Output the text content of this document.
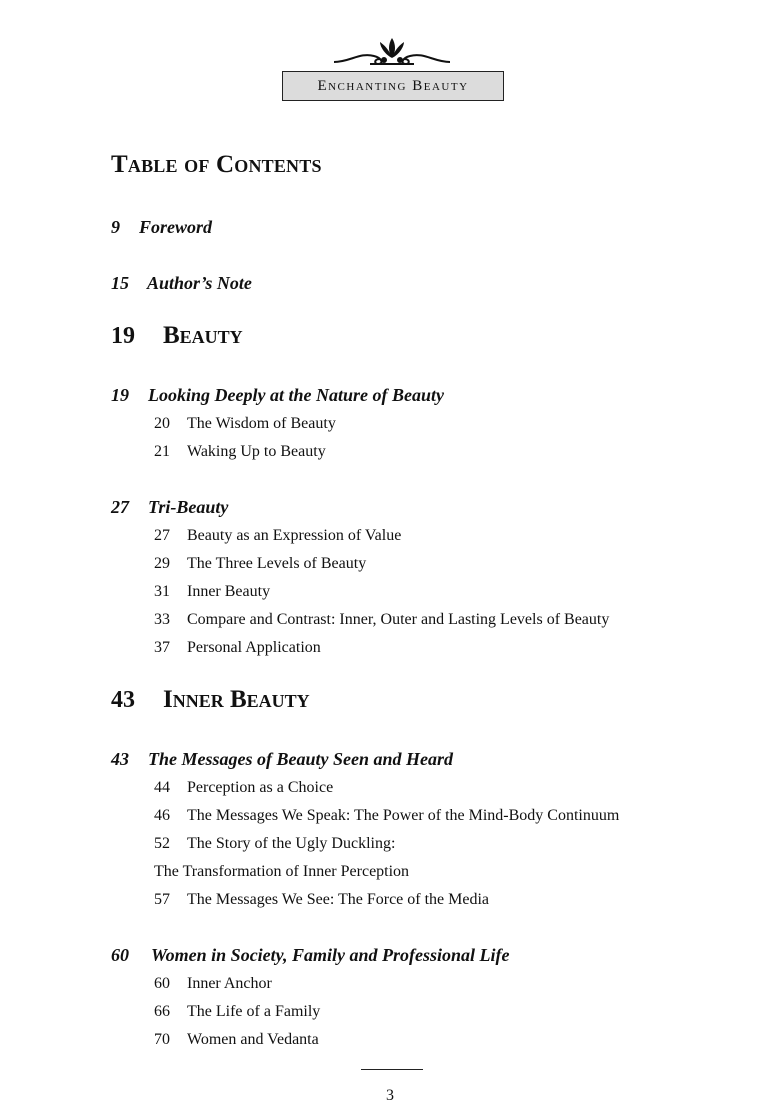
Enchanting Beauty
Table of Contents
9 Foreword
15 Author’s Note
19 Beauty
19 Looking Deeply at the Nature of Beauty
20 The Wisdom of Beauty
21 Waking Up to Beauty
27 Tri-Beauty
27 Beauty as an Expression of Value
29 The Three Levels of Beauty
31 Inner Beauty
33 Compare and Contrast: Inner, Outer and Lasting Levels of Beauty
37 Personal Application
43 Inner Beauty
43 The Messages of Beauty Seen and Heard
44 Perception as a Choice
46 The Messages We Speak: The Power of the Mind-Body Continuum
52 The Story of the Ugly Duckling:
The Transformation of Inner Perception
57 The Messages We See: The Force of the Media
60 Women in Society, Family and Professional Life
60 Inner Anchor
66 The Life of a Family
70 Women and Vedanta
3
